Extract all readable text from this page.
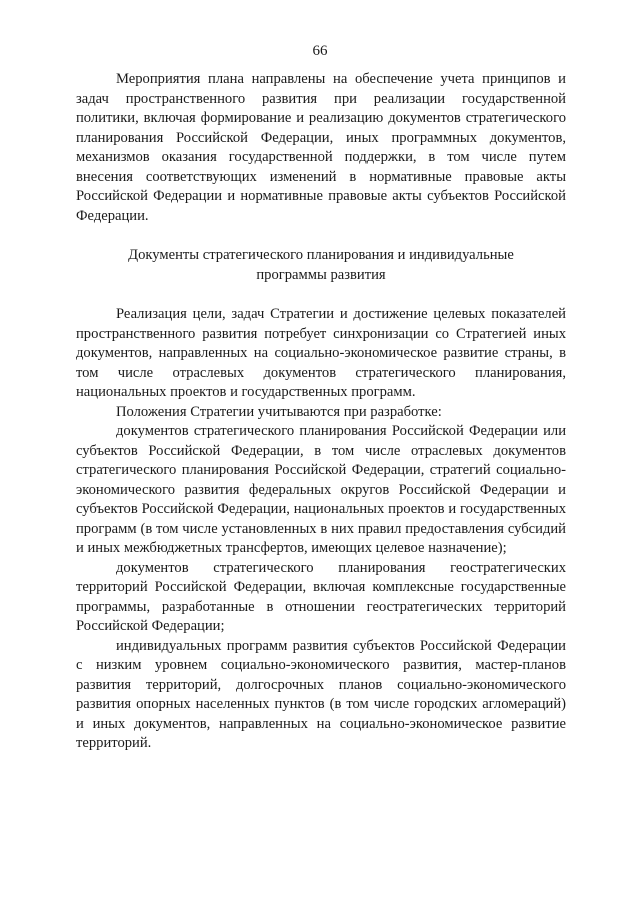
66

Мероприятия плана направлены на обеспечение учета принципов и задач пространственного развития при реализации государственной политики, включая формирование и реализацию документов стратегического планирования Российской Федерации, иных программных документов, механизмов оказания государственной поддержки, в том числе путем внесения соответствующих изменений в нормативные правовые акты Российской Федерации и нормативные правовые акты субъектов Российской Федерации.

Документы стратегического планирования и индивидуальные
программы развития

Реализация цели, задач Стратегии и достижение целевых показателей пространственного развития потребует синхронизации со Стратегией иных документов, направленных на социально-экономическое развитие страны, в том числе отраслевых документов стратегического планирования, национальных проектов и государственных программ.

Положения Стратегии учитываются при разработке:

документов стратегического планирования Российской Федерации или субъектов Российской Федерации, в том числе отраслевых документов стратегического планирования Российской Федерации, стратегий социально-экономического развития федеральных округов Российской Федерации и субъектов Российской Федерации, национальных проектов и государственных программ (в том числе установленных в них правил предоставления субсидий и иных межбюджетных трансфертов, имеющих целевое назначение);

документов стратегического планирования геостратегических территорий Российской Федерации, включая комплексные государственные программы, разработанные в отношении геостратегических территорий Российской Федерации;

индивидуальных программ развития субъектов Российской Федерации с низким уровнем социально-экономического развития, мастер-планов развития территорий, долгосрочных планов социально-экономического развития опорных населенных пунктов (в том числе городских агломераций) и иных документов, направленных на социально-экономическое развитие территорий.
